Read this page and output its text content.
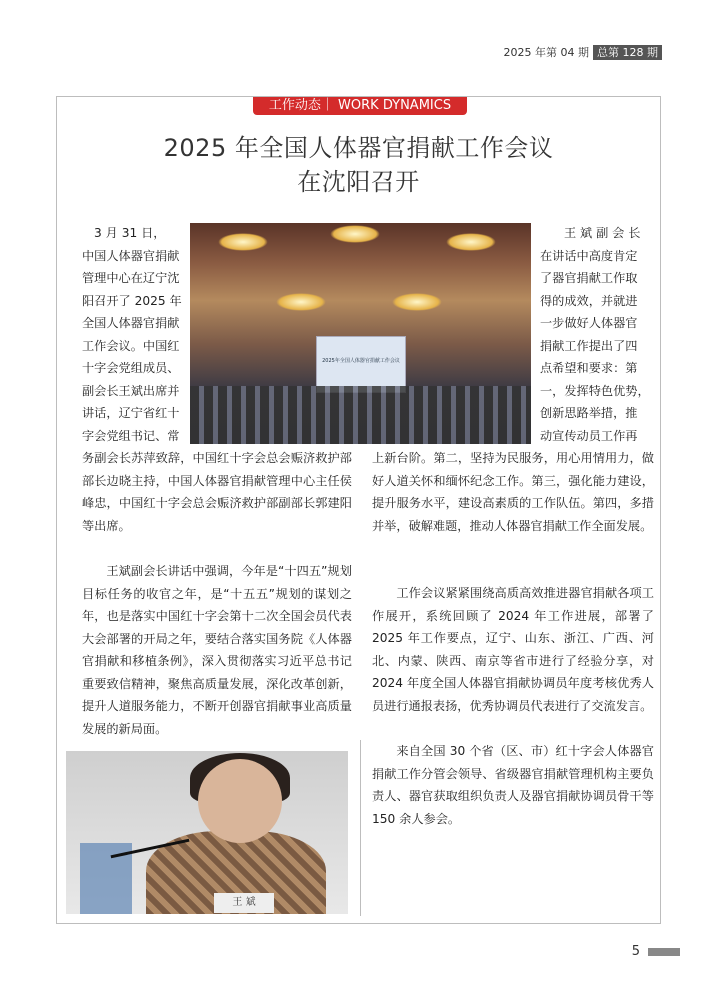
2025 年第 04 期 总第 128 期
工作动态｜ WORK DYNAMICS
2025 年全国人体器官捐献工作会议
在沈阳召开
3 月 31 日，
中国人体器官捐献
管理中心在辽宁沈
阳召开了 2025 年
全国人体器官捐献
工作会议。中国红
十字会党组成员、
副会长王斌出席并
讲话，辽宁省红十
字会党组书记、常
2025年全国人体器官捐献工作会议
王 斌 副 会 长
在讲话中高度肯定
了器官捐献工作取
得的成效，并就进
一步做好人体器官
捐献工作提出了四
点希望和要求：第
一，发挥特色优势，
创新思路举措，推
动宣传动员工作再

务副会长苏萍致辞，中国红十字会总会赈济救护部部长边晓主持，中国人体器官捐献管理中心主任侯峰忠，中国红十字会总会赈济救护部副部长郭建阳等出席。

王斌副会长讲话中强调，今年是“十四五”规划目标任务的收官之年，是“十五五”规划的谋划之年，也是落实中国红十字会第十二次全国会员代表大会部署的开局之年，要结合落实国务院《人体器官捐献和移植条例》，深入贯彻落实习近平总书记重要致信精神，聚焦高质量发展，深化改革创新，提升人道服务能力，不断开创器官捐献事业高质量发展的新局面。

上新台阶。第二，坚持为民服务，用心用情用力，做好人道关怀和缅怀纪念工作。第三，强化能力建设，提升服务水平，建设高素质的工作队伍。第四，多措并举，破解难题，推动人体器官捐献工作全面发展。

工作会议紧紧围绕高质高效推进器官捐献各项工作展开，系统回顾了 2024 年工作进展，部署了 2025 年工作要点，辽宁、山东、浙江、广西、河北、内蒙、陕西、南京等省市进行了经验分享，对 2024 年度全国人体器官捐献协调员年度考核优秀人员进行通报表扬，优秀协调员代表进行了交流发言。

来自全国 30 个省（区、市）红十字会人体器官捐献工作分管会领导、省级器官捐献管理机构主要负责人、器官获取组织负责人及器官捐献协调员骨干等 150 余人参会。

王 斌
5
